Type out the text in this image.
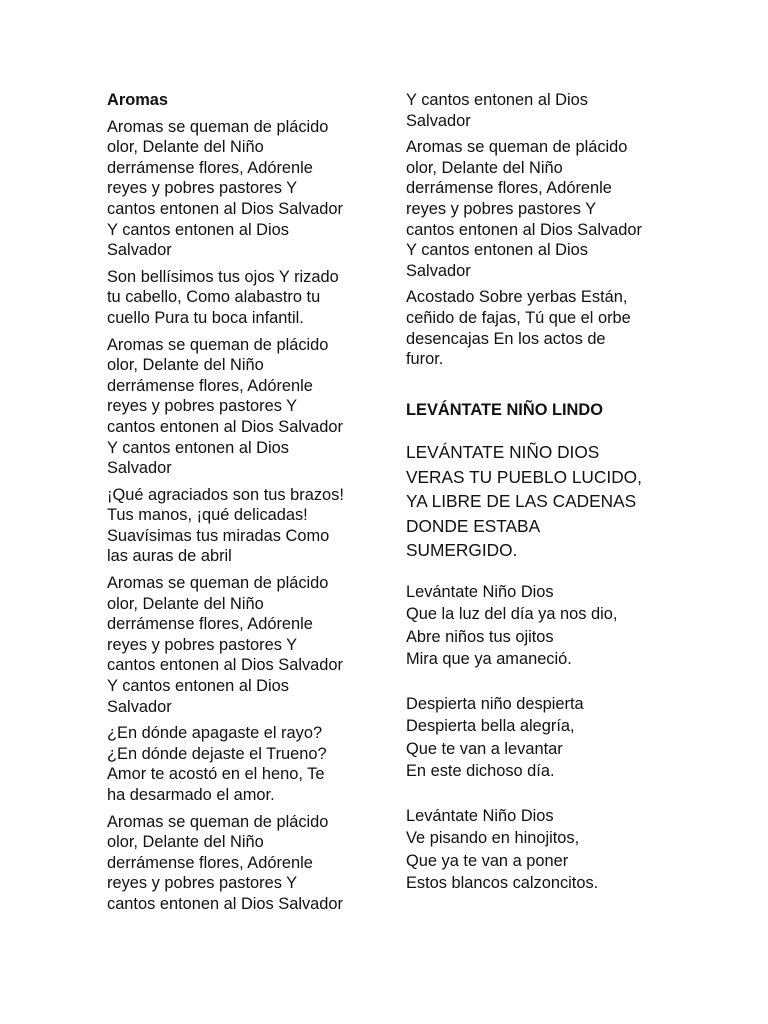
Aromas
Aromas se queman de plácido
olor, Delante del Niño
derrámense flores, Adórenle
reyes y pobres pastores Y
cantos entonen al Dios Salvador
Y cantos entonen al Dios
Salvador
Son bellísimos tus ojos Y rizado
tu cabello, Como alabastro tu
cuello Pura tu boca infantil.
Aromas se queman de plácido
olor, Delante del Niño
derrámense flores, Adórenle
reyes y pobres pastores Y
cantos entonen al Dios Salvador
Y cantos entonen al Dios
Salvador
¡Qué agraciados son tus brazos!
Tus manos, ¡qué delicadas!
Suavísimas tus miradas Como
las auras de abril
Aromas se queman de plácido
olor, Delante del Niño
derrámense flores, Adórenle
reyes y pobres pastores Y
cantos entonen al Dios Salvador
Y cantos entonen al Dios
Salvador
¿En dónde apagaste el rayo?
¿En dónde dejaste el Trueno?
Amor te acostó en el heno, Te
ha desarmado el amor.
Aromas se queman de plácido
olor, Delante del Niño
derrámense flores, Adórenle
reyes y pobres pastores Y
cantos entonen al Dios Salvador
Y cantos entonen al Dios
Salvador
Aromas se queman de plácido
olor, Delante del Niño
derrámense flores, Adórenle
reyes y pobres pastores Y
cantos entonen al Dios Salvador
Y cantos entonen al Dios
Salvador
Acostado Sobre yerbas Están,
ceñido de fajas, Tú que el orbe
desencajas En los actos de
furor.
LEVÁNTATE NIÑO LINDO
LEVÁNTATE NIÑO DIOS
VERAS TU PUEBLO LUCIDO,
YA LIBRE DE LAS CADENAS
DONDE ESTABA
SUMERGIDO.
Levántate Niño Dios
Que la luz del día ya nos dio,
Abre niños tus ojitos
Mira que ya amaneció.
Despierta niño despierta
Despierta bella alegría,
Que te van a levantar
En este dichoso día.
Levántate Niño Dios
Ve pisando en hinojitos,
Que ya te van a poner
Estos blancos calzoncitos.
